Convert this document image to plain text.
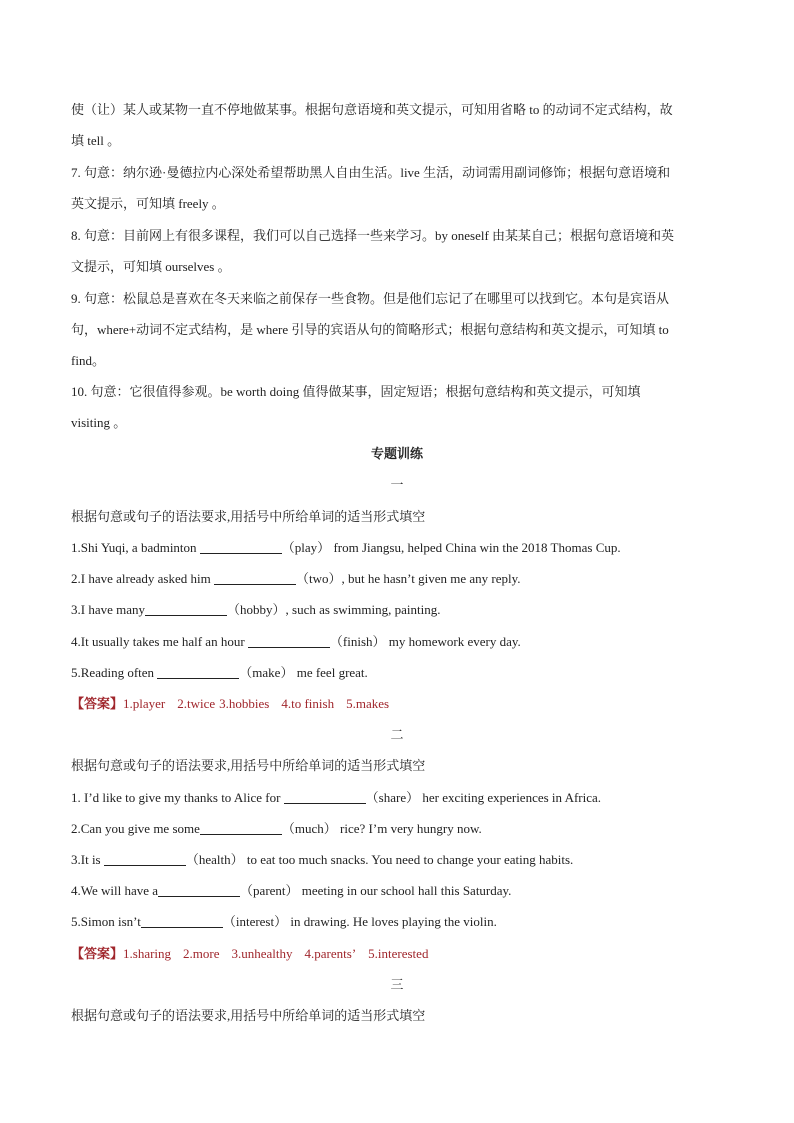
使（让）某人或某物一直不停地做某事。根据句意语境和英文提示，可知用省略 to 的动词不定式结构，故
填 tell 。
7. 句意：纳尔逊·曼德拉内心深处希望帮助黑人自由生活。live 生活，动词需用副词修饰；根据句意语境和
英文提示，可知填 freely 。
8. 句意：目前网上有很多课程，我们可以自己选择一些来学习。by oneself 由某某自己；根据句意语境和英
文提示，可知填 ourselves 。
9. 句意：松鼠总是喜欢在冬天来临之前保存一些食物。但是他们忘记了在哪里可以找到它。本句是宾语从
句，where+动词不定式结构，是 where 引导的宾语从句的简略形式；根据句意结构和英文提示，可知填 to
find。
10. 句意：它很值得参观。be worth doing 值得做某事，固定短语；根据句意结构和英文提示，可知填
visiting 。
专题训练
一
根据句意或句子的语法要求,用括号中所给单词的适当形式填空
1.Shi Yuqi, a badminton	（play） from Jiangsu, helped China win the 2018 Thomas Cup.
2.I have already asked him	（two）, but he hasn’t given me any reply.
3.I have many	（hobby）, such as swimming, painting.
4.It usually takes me half an hour	（finish） my homework every day.
5.Reading often	（make） me feel great.
【答案】1.player 2.twice 3.hobbies 4.to finish 5.makes
二
根据句意或句子的语法要求,用括号中所给单词的适当形式填空
1. I’d like to give my thanks to Alice for	（share） her exciting experiences in Africa.
2.Can you give me some	（much） rice? I’m very hungry now.
3.It is	（health） to eat too much snacks. You need to change your eating habits.
4.We will have a	（parent） meeting in our school hall this Saturday.
5.Simon isn’t	（interest） in drawing. He loves playing the violin.
【答案】1.sharing 2.more 3.unhealthy 4.parents’ 5.interested
三
根据句意或句子的语法要求,用括号中所给单词的适当形式填空
